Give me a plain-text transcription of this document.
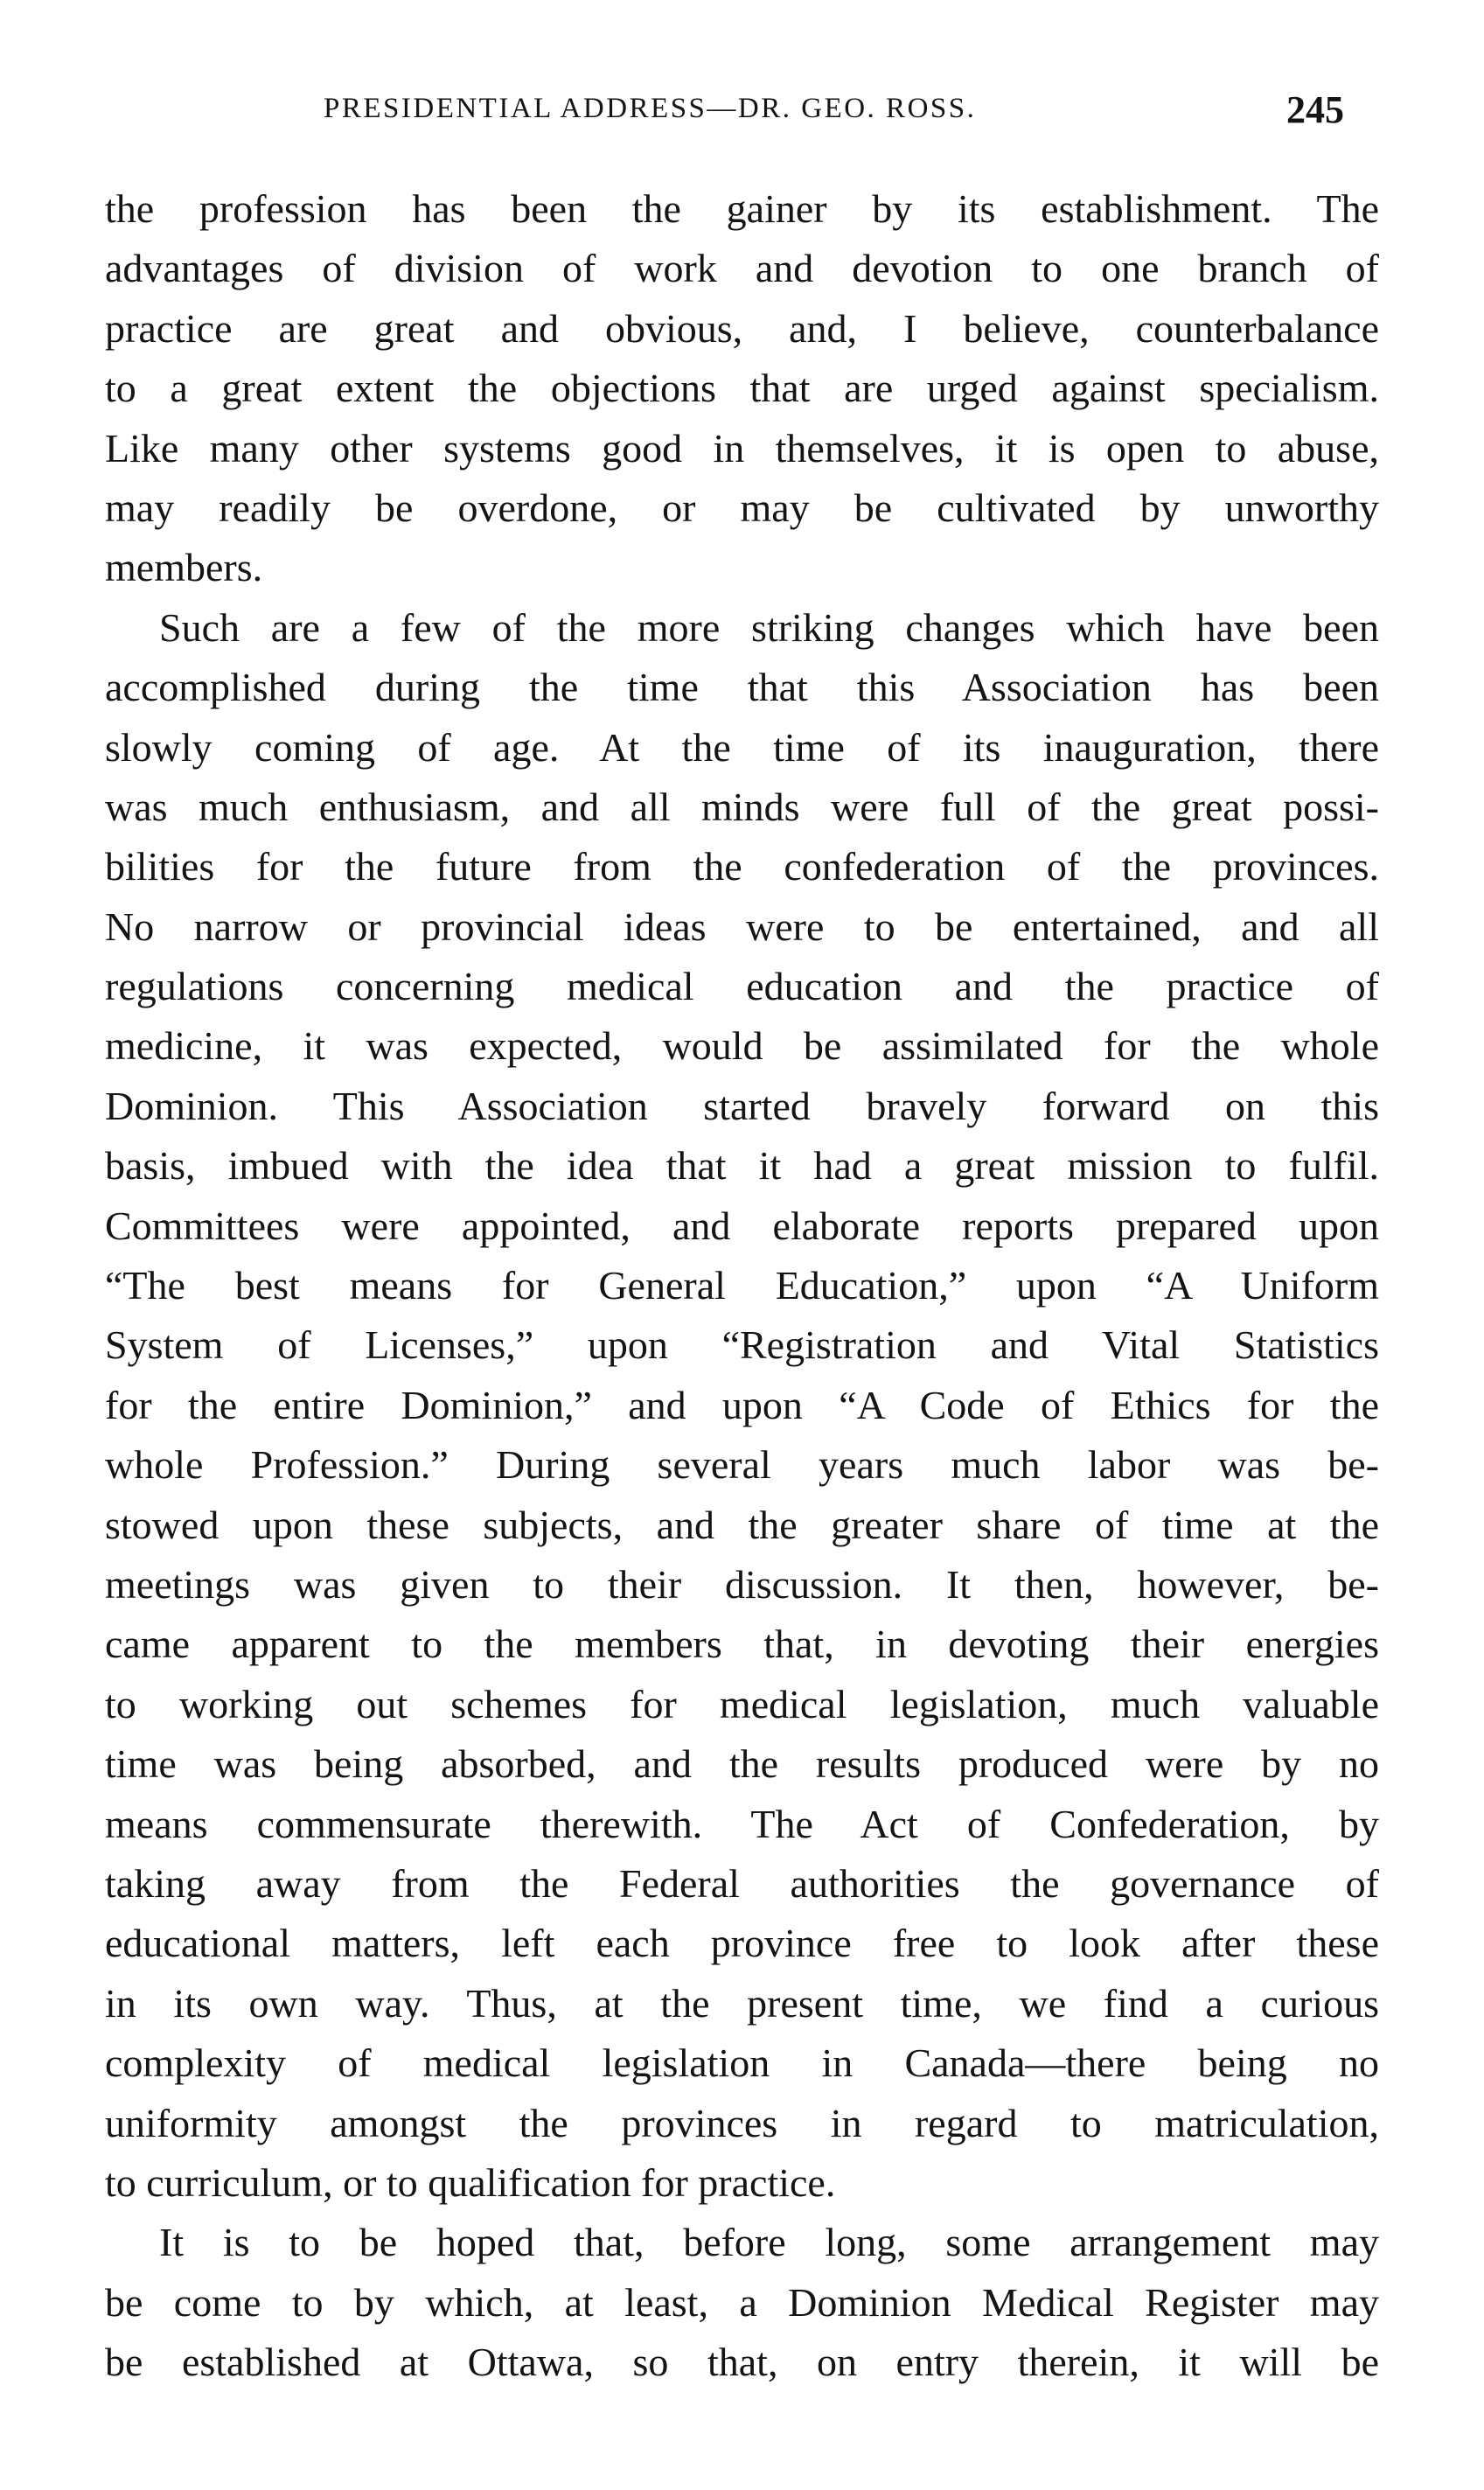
PRESIDENTIAL ADDRESS—DR. GEO. ROSS.	245
the profession has been the gainer by its establishment. The
advantages of division of work and devotion to one branch of
practice are great and obvious, and, I believe, counterbalance
to a great extent the objections that are urged against specialism.
Like many other systems good in themselves, it is open to abuse,
may readily be overdone, or may be cultivated by unworthy
members.
Such are a few of the more striking changes which have been
accomplished during the time that this Association has been
slowly coming of age. At the time of its inauguration, there
was much enthusiasm, and all minds were full of the great possi-
bilities for the future from the confederation of the provinces.
No narrow or provincial ideas were to be entertained, and all
regulations concerning medical education and the practice of
medicine, it was expected, would be assimilated for the whole
Dominion. This Association started bravely forward on this
basis, imbued with the idea that it had a great mission to fulfil.
Committees were appointed, and elaborate reports prepared upon
“The best means for General Education,” upon “A Uniform
System of Licenses,” upon “Registration and Vital Statistics
for the entire Dominion,” and upon “A Code of Ethics for the
whole Profession.” During several years much labor was be-
stowed upon these subjects, and the greater share of time at the
meetings was given to their discussion. It then, however, be-
came apparent to the members that, in devoting their energies
to working out schemes for medical legislation, much valuable
time was being absorbed, and the results produced were by no
means commensurate therewith. The Act of Confederation, by
taking away from the Federal authorities the governance of
educational matters, left each province free to look after these
in its own way. Thus, at the present time, we find a curious
complexity of medical legislation in Canada—there being no
uniformity amongst the provinces in regard to matriculation,
to curriculum, or to qualification for practice.
It is to be hoped that, before long, some arrangement may
be come to by which, at least, a Dominion Medical Register may
be established at Ottawa, so that, on entry therein, it will be
